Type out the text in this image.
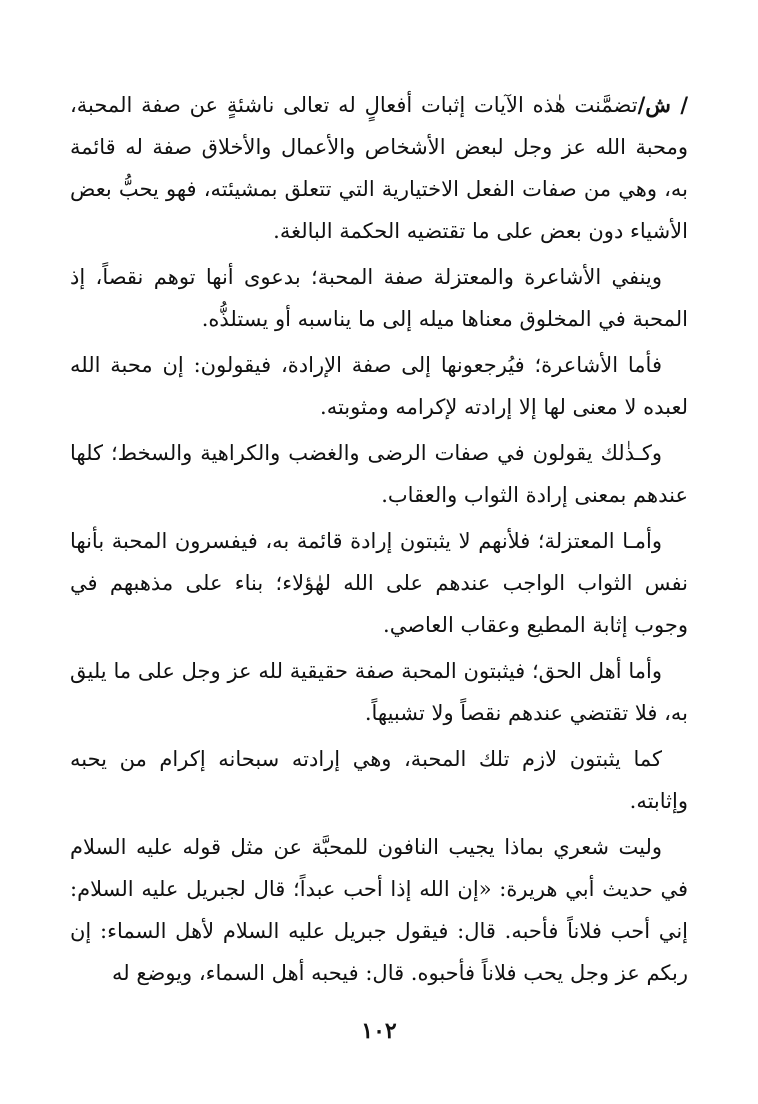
/ ش/تضمَّنت هٰذه الآيات إثبات أفعالٍ له تعالى ناشئةٍ عن صفة المحبة، ومحبة الله عز وجل لبعض الأشخاص والأعمال والأخلاق صفة له قائمة به، وهي من صفات الفعل الاختيارية التي تتعلق بمشيئته، فهو يحبُّ بعض الأشياء دون بعض على ما تقتضيه الحكمة البالغة.

وينفي الأشاعرة والمعتزلة صفة المحبة؛ بدعوى أنها توهم نقصاً، إذ المحبة في المخلوق معناها ميله إلى ما يناسبه أو يستلذُّه.

فأما الأشاعرة؛ فيُرجعونها إلى صفة الإرادة، فيقولون: إن محبة الله لعبده لا معنى لها إلا إرادته لإكرامه ومثوبته.

وكـذٰلك يقولون في صفات الرضى والغضب والكراهية والسخط؛ كلها عندهم بمعنى إرادة الثواب والعقاب.

وأمـا المعتزلة؛ فلأنهم لا يثبتون إرادة قائمة به، فيفسرون المحبة بأنها نفس الثواب الواجب عندهم على الله لهٰؤلاء؛ بناء على مذهبهم في وجوب إثابة المطيع وعقاب العاصي.

وأما أهل الحق؛ فيثبتون المحبة صفة حقيقية لله عز وجل على ما يليق به، فلا تقتضي عندهم نقصاً ولا تشبيهاً.

كما يثبتون لازم تلك المحبة، وهي إرادته سبحانه إكرام من يحبه وإثابته.

وليت شعري بماذا يجيب النافون للمحبَّة عن مثل قوله عليه السلام في حديث أبي هريرة: «إن الله إذا أحب عبداً؛ قال لجبريل عليه السلام: إني أحب فلاناً فأحبه. قال: فيقول جبريل عليه السلام لأهل السماء: إن ربكم عز وجل يحب فلاناً فأحبوه. قال: فيحبه أهل السماء، ويوضع له

١٠٢
